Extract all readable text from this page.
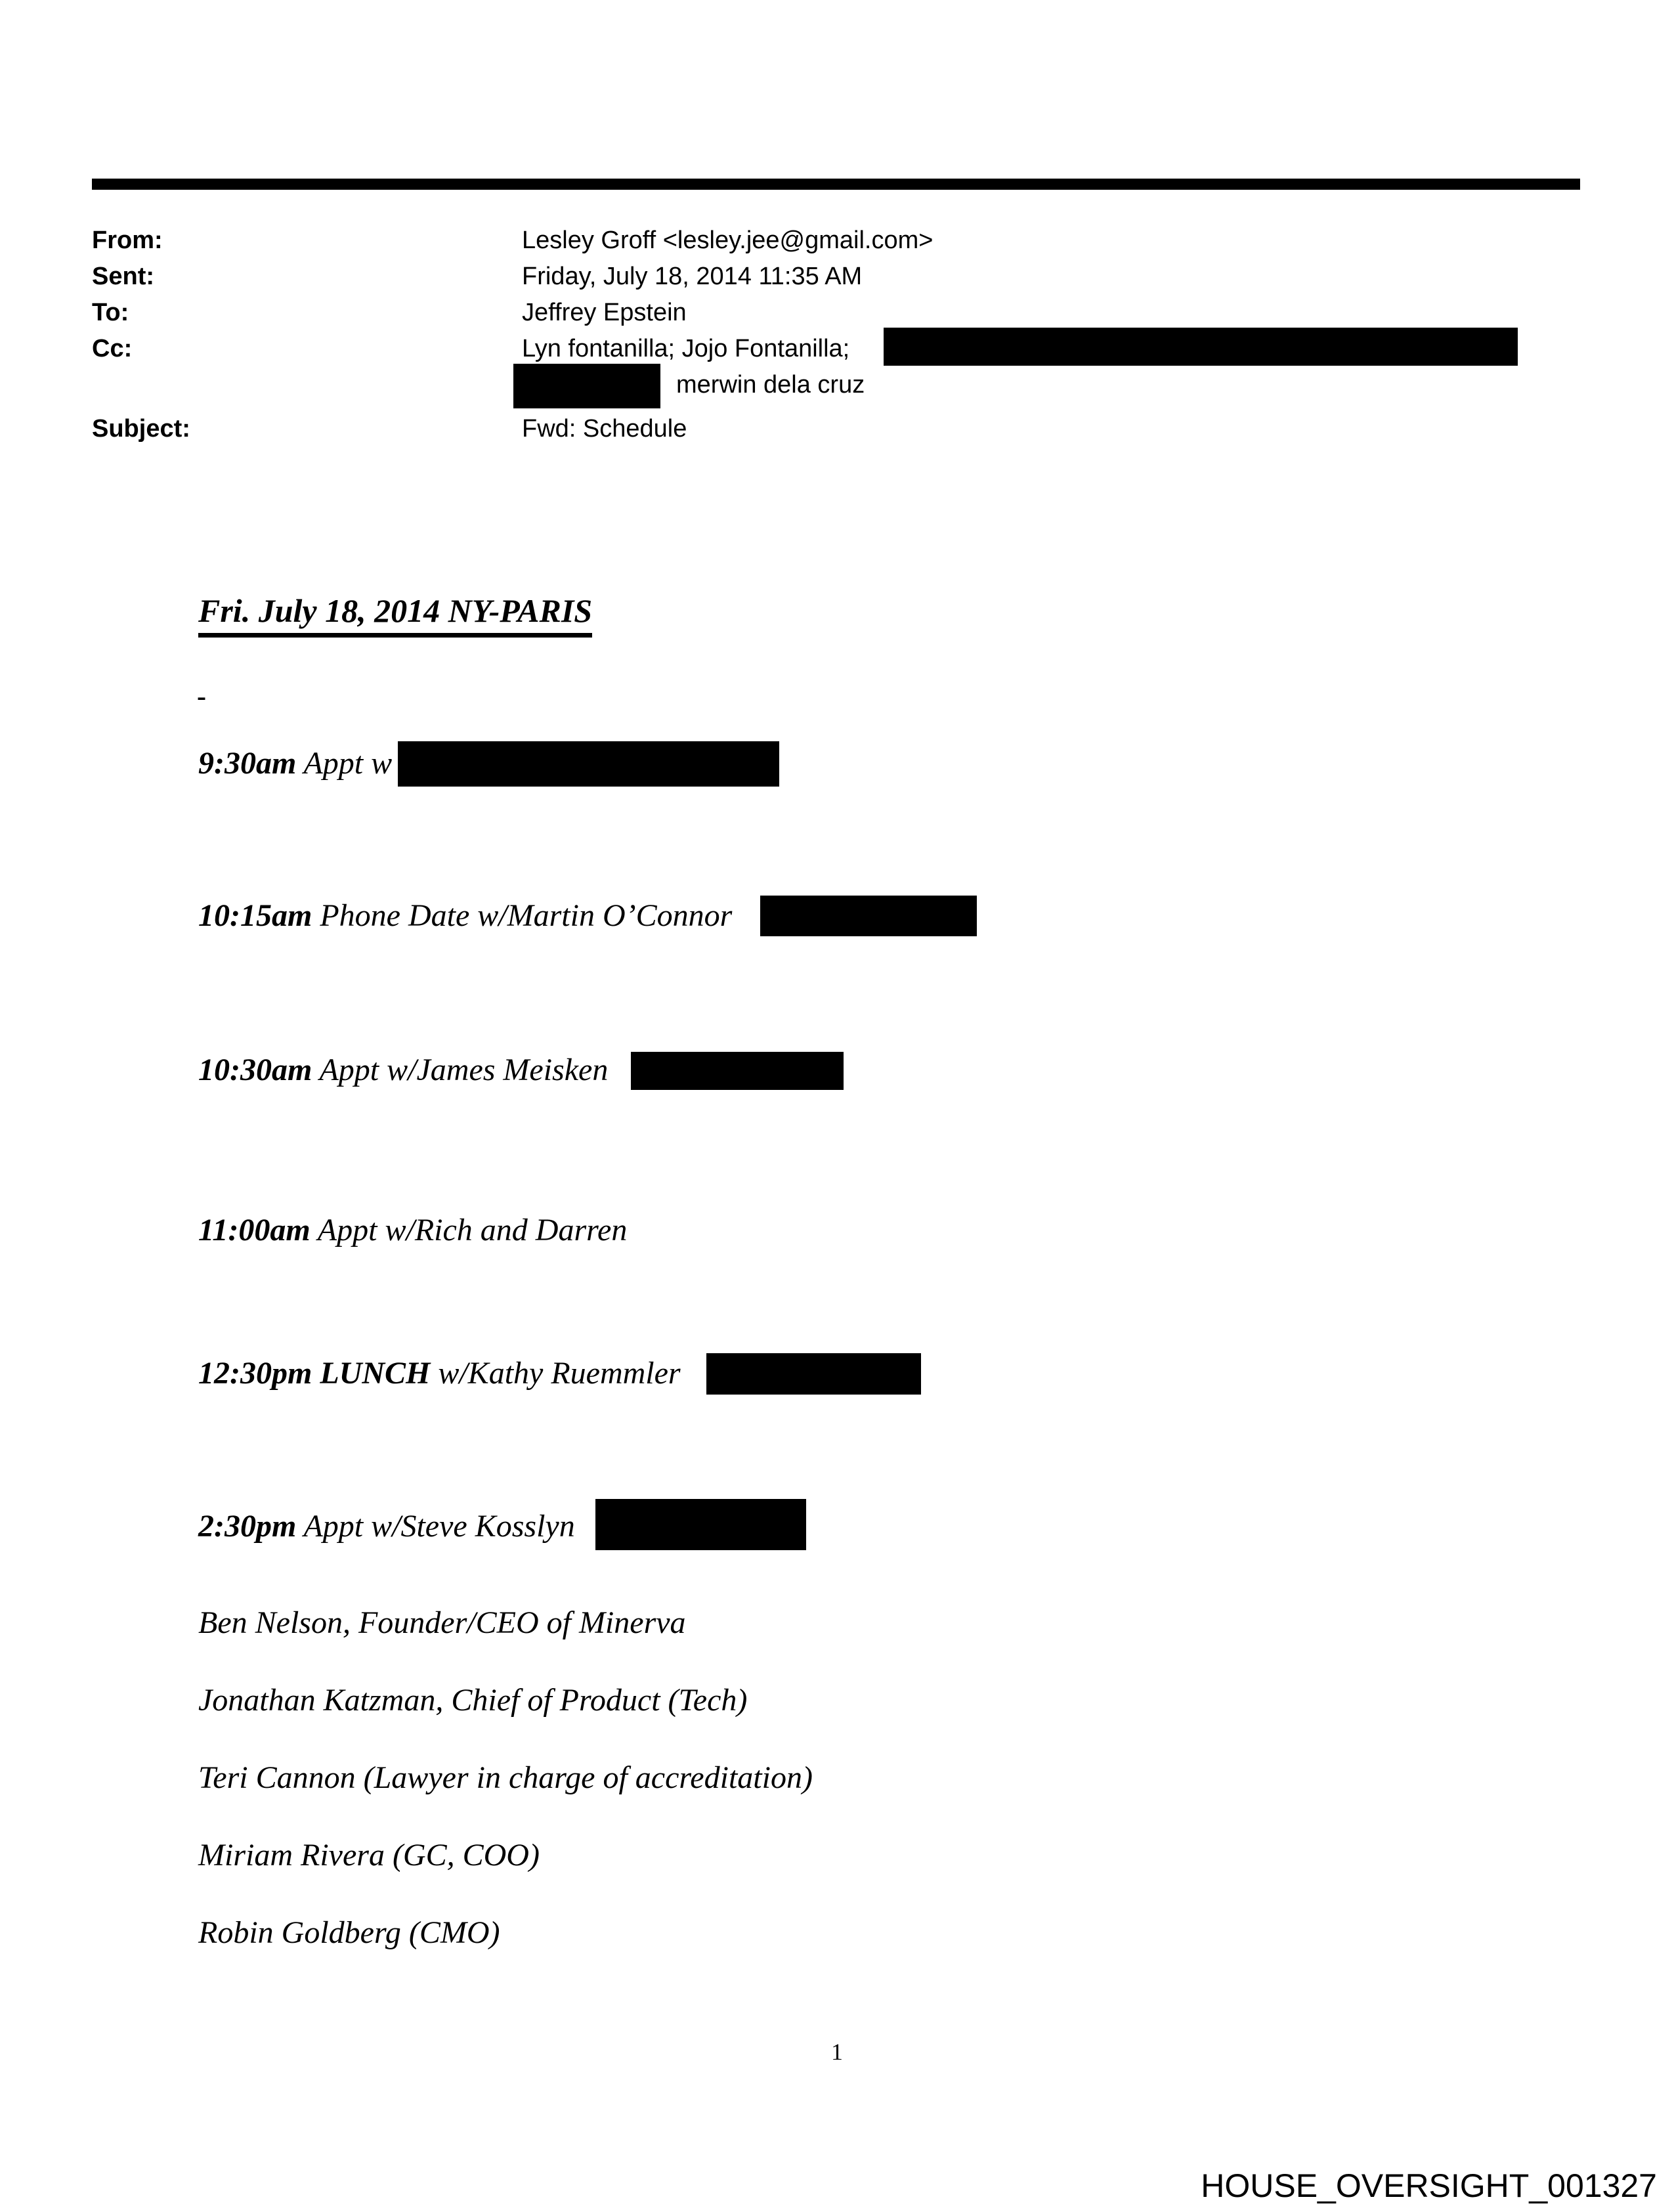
From:	Lesley Groff <lesley.jee@gmail.com>
Sent:	Friday, July 18, 2014 11:35 AM
To:	Jeffrey Epstein
Cc:	Lyn fontanilla; Jojo Fontanilla;
merwin dela cruz
Subject:	Fwd: Schedule
Fri. July 18, 2014 NY-PARIS
-
9:30am Appt w
10:15am Phone Date w/Martin O’Connor
10:30am Appt w/James Meisken
11:00am Appt w/Rich and Darren
12:30pm LUNCH w/Kathy Ruemmler
2:30pm Appt w/Steve Kosslyn
Ben Nelson, Founder/CEO of Minerva
Jonathan Katzman, Chief of Product (Tech)
Teri Cannon (Lawyer in charge of accreditation)
Miriam Rivera (GC, COO)
Robin Goldberg (CMO)
1
HOUSE_OVERSIGHT_001327
